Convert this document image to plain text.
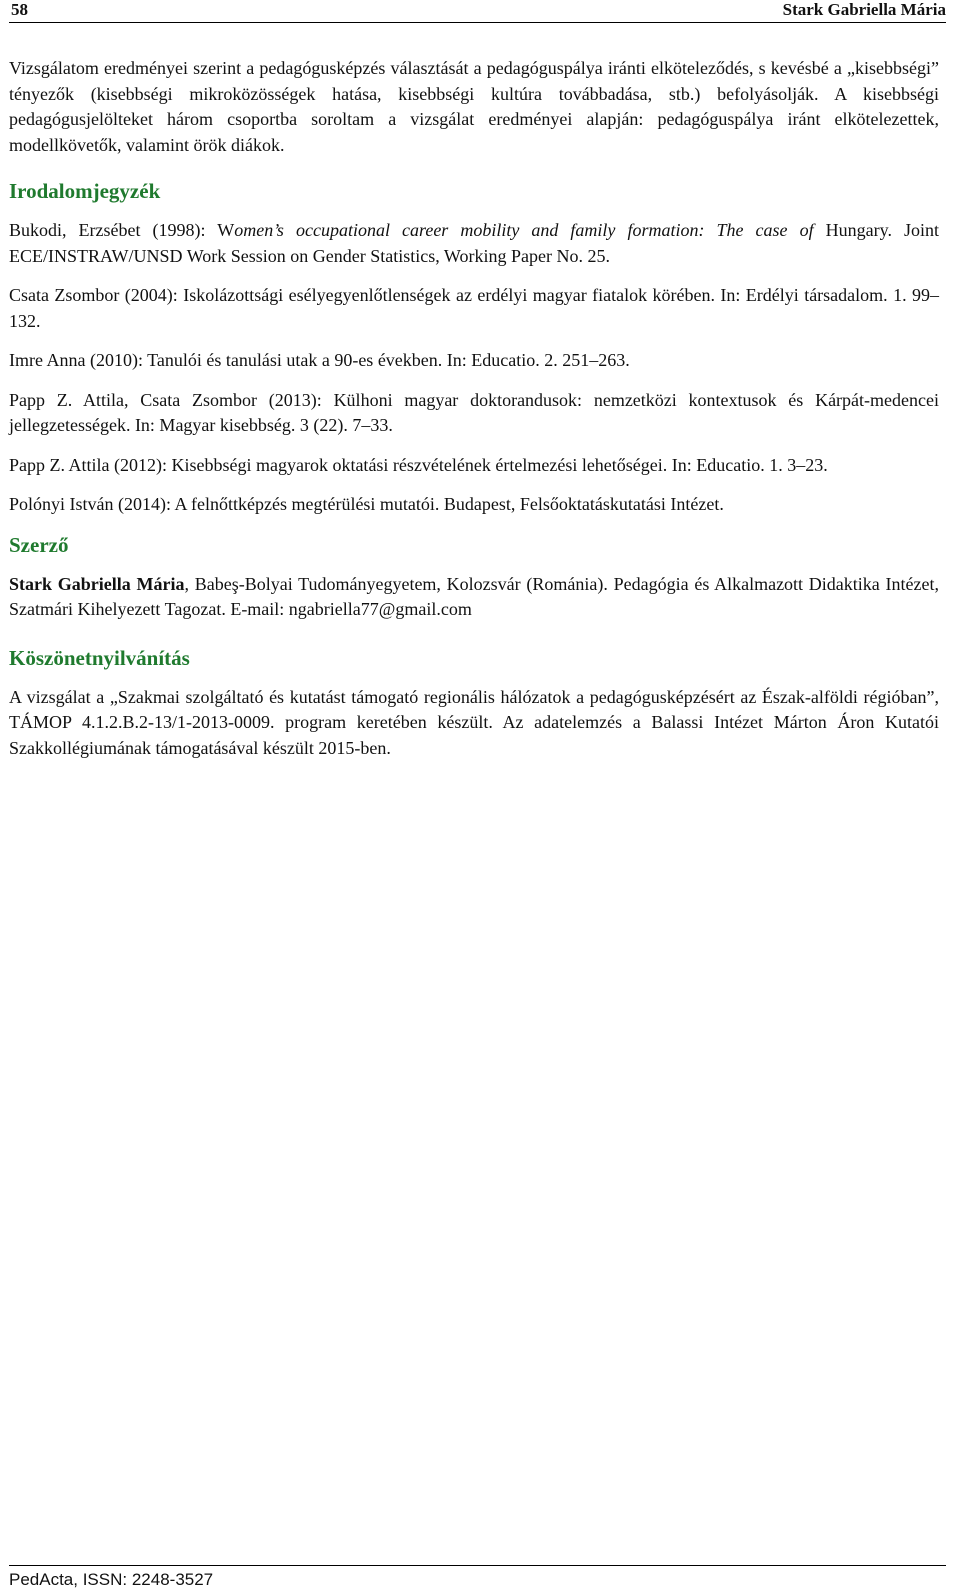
58	Stark Gabriella Mária

Vizsgálatom eredményei szerint a pedagógusképzés választását a pedagóguspálya iránti elköteleződés, s kevésbé a „kisebbségi” tényezők (kisebbségi mikroközösségek hatása, kisebbségi kultúra továbbadása, stb.) befolyásolják. A kisebbségi pedagógusjelölteket három csoportba soroltam a vizsgálat eredményei alapján: pedagóguspálya iránt elkötelezettek, modellkövetők, valamint örök diákok.

Irodalomjegyzék

Bukodi, Erzsébet (1998): Women’s occupational career mobility and family formation: The case of Hungary. Joint ECE/INSTRAW/UNSD Work Session on Gender Statistics, Working Paper No. 25.

Csata Zsombor (2004): Iskolázottsági esélyegyenlőtlenségek az erdélyi magyar fiatalok körében. In: Erdélyi társadalom. 1. 99–132.

Imre Anna (2010): Tanulói és tanulási utak a 90-es években. In: Educatio. 2. 251–263.

Papp Z. Attila, Csata Zsombor (2013): Külhoni magyar doktorandusok: nemzetközi kontextusok és Kárpát-medencei jellegzetességek. In: Magyar kisebbség. 3 (22). 7–33.

Papp Z. Attila (2012): Kisebbségi magyarok oktatási részvételének értelmezési lehetőségei. In: Educatio. 1. 3–23.

Polónyi István (2014): A felnőttképzés megtérülési mutatói. Budapest, Felsőoktatáskutatási Intézet.

Szerző

Stark Gabriella Mária, Babeş-Bolyai Tudományegyetem, Kolozsvár (Románia). Pedagógia és Alkalmazott Didaktika Intézet, Szatmári Kihelyezett Tagozat. E-mail: ngabriella77@gmail.com

Köszönetnyilvánítás

A vizsgálat a „Szakmai szolgáltató és kutatást támogató regionális hálózatok a pedagógusképzésért az Észak-alföldi régióban”, TÁMOP 4.1.2.B.2-13/1-2013-0009. program keretében készült. Az adatelemzés a Balassi Intézet Márton Áron Kutatói Szakkollégiumának támogatásával készült 2015-ben.

PedActa, ISSN: 2248-3527
